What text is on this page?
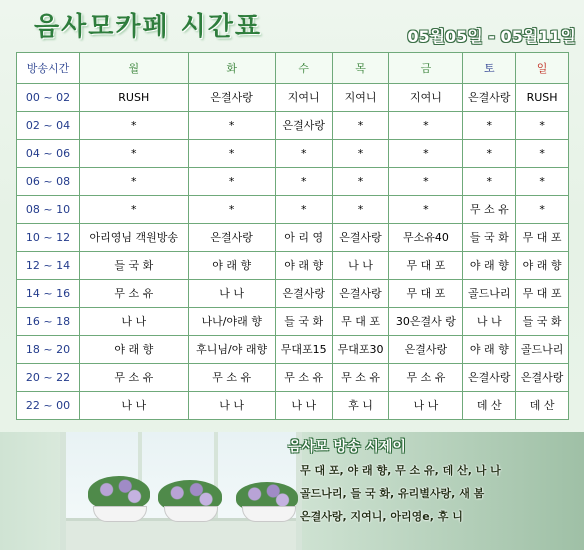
음사모카페 시간표	05월05일 - 05월11일
방송시간	월	화	수	목	금	토	일
00 ~ 02	RUSH	은결사랑	지여니	지여니	지여니	은결사랑	RUSH
02 ~ 04	*	*	은결사랑	*	*	*	*
04 ~ 06	*	*	*	*	*	*	*
06 ~ 08	*	*	*	*	*	*	*
08 ~ 10	*	*	*	*	*	무 소 유	*
10 ~ 12	아리영님 객원방송	은결사랑	아 리 영	은결사랑	무소유40	들 국 화	무 대 포
12 ~ 14	들 국 화	야 래 향	야 래 향	나 나	무 대 포	야 래 향	야 래 향
14 ~ 16	무 소 유	나 나	은결사랑	은결사랑	무 대 포	골드나리	무 대 포
16 ~ 18	나 나	나나/야래 향	들 국 화	무 대 포	30은결사 랑	나 나	들 국 화
18 ~ 20	야 래 향	후니님/야 래향	무대포15	무대포30	은결사랑	야 래 향	골드나리
20 ~ 22	무 소 유	무 소 유	무 소 유	무 소 유	무 소 유	은결사랑	은결사랑
22 ~ 00	나 나	나 나	나 나	후 니	나 나	데 산	데 산
음사모 방송 시제이
무 대 포, 야 래 향, 무 소 유, 데 산, 나 나
골드나리, 들 국 화, 유리별사랑, 새 봄
은결사랑, 지여니, 아리영e, 후 니
